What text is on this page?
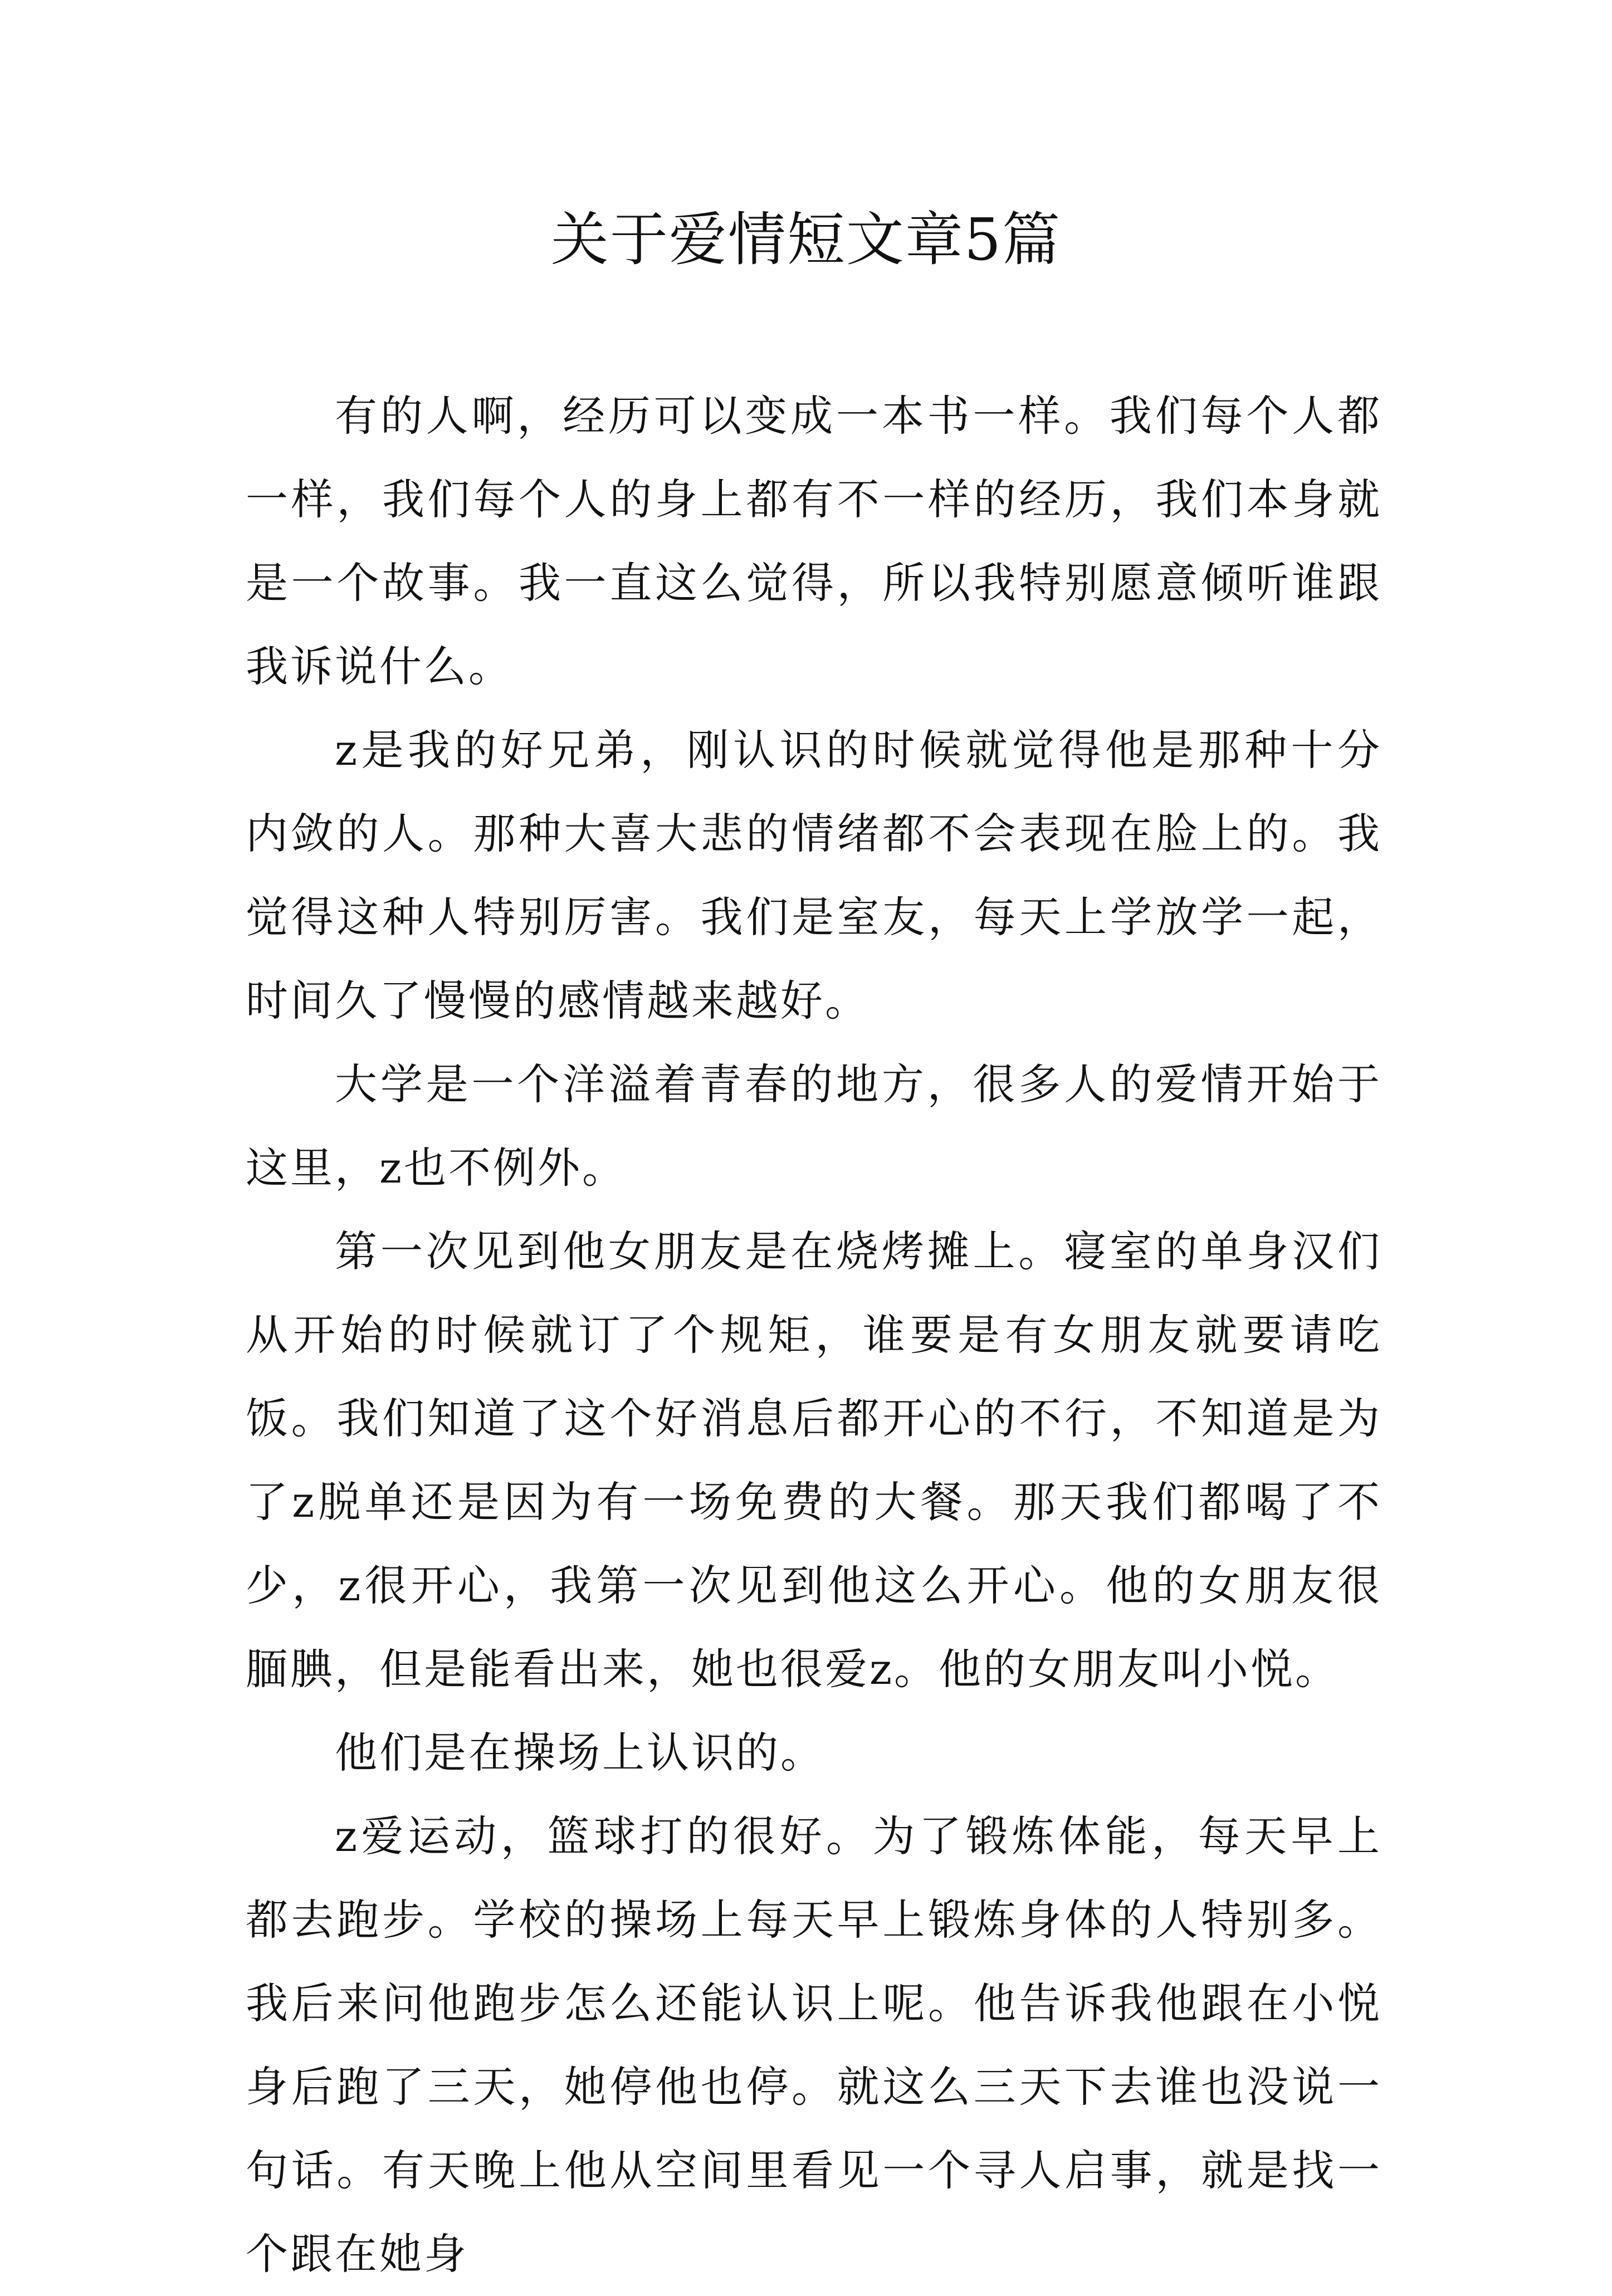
关于爱情短文章5篇

有的人啊，经历可以变成一本书一样。我们每个人都一样，我们每个人的身上都有不一样的经历，我们本身就是一个故事。我一直这么觉得，所以我特别愿意倾听谁跟我诉说什么。

z是我的好兄弟，刚认识的时候就觉得他是那种十分内敛的人。那种大喜大悲的情绪都不会表现在脸上的。我觉得这种人特别厉害。我们是室友，每天上学放学一起，时间久了慢慢的感情越来越好。

大学是一个洋溢着青春的地方，很多人的爱情开始于这里，z也不例外。

第一次见到他女朋友是在烧烤摊上。寝室的单身汉们从开始的时候就订了个规矩，谁要是有女朋友就要请吃饭。我们知道了这个好消息后都开心的不行，不知道是为了z脱单还是因为有一场免费的大餐。那天我们都喝了不少，z很开心，我第一次见到他这么开心。他的女朋友很腼腆，但是能看出来，她也很爱z。他的女朋友叫小悦。

他们是在操场上认识的。

z爱运动，篮球打的很好。为了锻炼体能，每天早上都去跑步。学校的操场上每天早上锻炼身体的人特别多。我后来问他跑步怎么还能认识上呢。他告诉我他跟在小悦身后跑了三天，她停他也停。就这么三天下去谁也没说一句话。有天晚上他从空间里看见一个寻人启事，就是找一个跟在她身
